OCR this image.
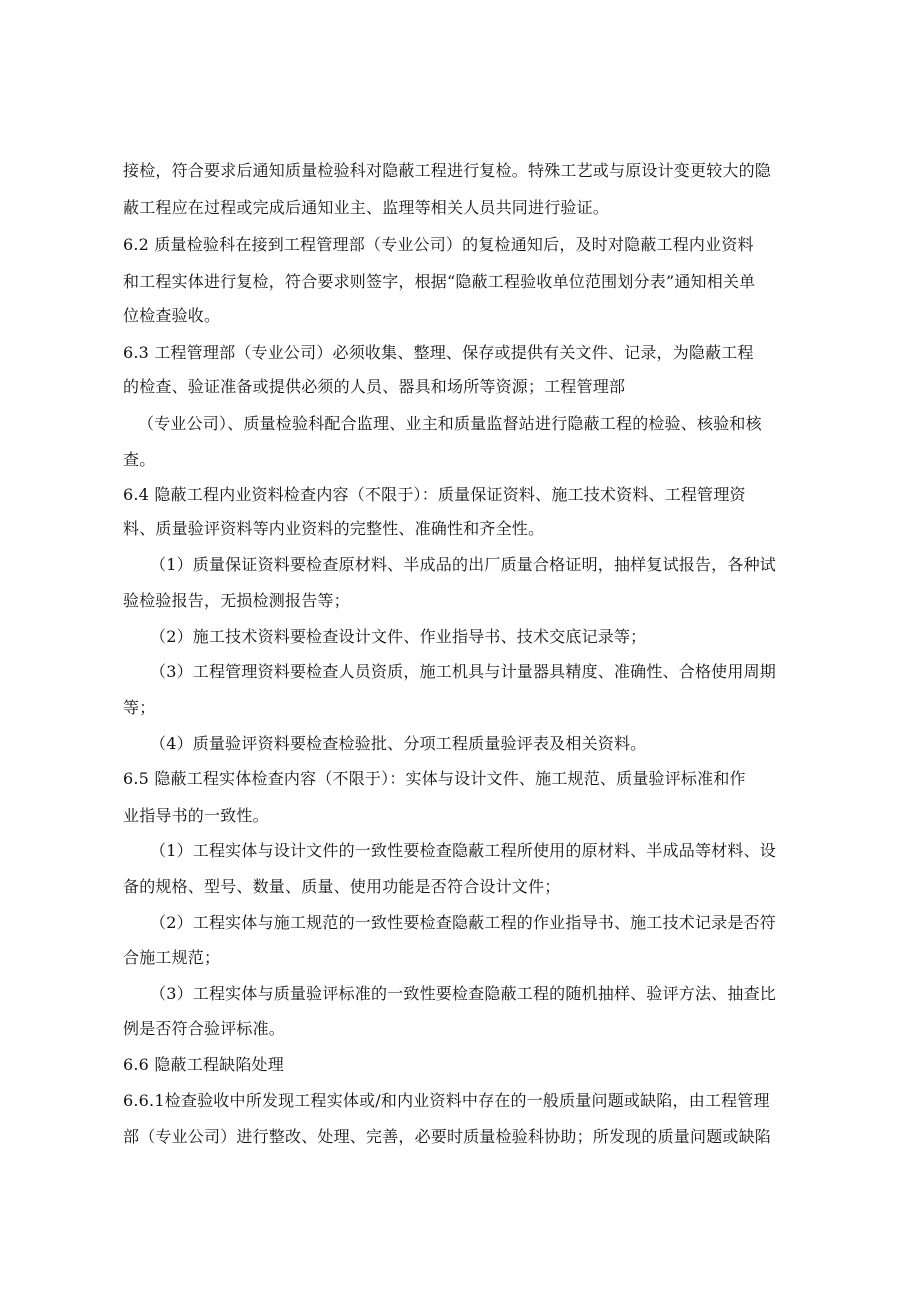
接检，符合要求后通知质量检验科对隐蔽工程进行复检。特殊工艺或与原设计变更较大的隐
蔽工程应在过程或完成后通知业主、监理等相关人员共同进行验证。
6.2 质量检验科在接到工程管理部（专业公司）的复检通知后，及时对隐蔽工程内业资料
和工程实体进行复检，符合要求则签字，根据“隐蔽工程验收单位范围划分表”通知相关单
位检查验收。
6.3 工程管理部（专业公司）必须收集、整理、保存或提供有关文件、记录，为隐蔽工程
的检查、验证准备或提供必须的人员、器具和场所等资源；工程管理部
（专业公司）、质量检验科配合监理、业主和质量监督站进行隐蔽工程的检验、核验和核
查。
6.4 隐蔽工程内业资料检查内容（不限于）：质量保证资料、施工技术资料、工程管理资
料、质量验评资料等内业资料的完整性、准确性和齐全性。
（1）质量保证资料要检查原材料、半成品的出厂质量合格证明，抽样复试报告，各种试
验检验报告，无损检测报告等；
（2）施工技术资料要检查设计文件、作业指导书、技术交底记录等；
（3）工程管理资料要检查人员资质，施工机具与计量器具精度、准确性、合格使用周期
等；
（4）质量验评资料要检查检验批、分项工程质量验评表及相关资料。
6.5 隐蔽工程实体检查内容（不限于）：实体与设计文件、施工规范、质量验评标准和作
业指导书的一致性。
（1）工程实体与设计文件的一致性要检查隐蔽工程所使用的原材料、半成品等材料、设
备的规格、型号、数量、质量、使用功能是否符合设计文件；
（2）工程实体与施工规范的一致性要检查隐蔽工程的作业指导书、施工技术记录是否符
合施工规范；
（3）工程实体与质量验评标准的一致性要检查隐蔽工程的随机抽样、验评方法、抽查比
例是否符合验评标准。
6.6 隐蔽工程缺陷处理
6.6.1检查验收中所发现工程实体或/和内业资料中存在的一般质量问题或缺陷，由工程管理
部（专业公司）进行整改、处理、完善，必要时质量检验科协助；所发现的质量问题或缺陷
